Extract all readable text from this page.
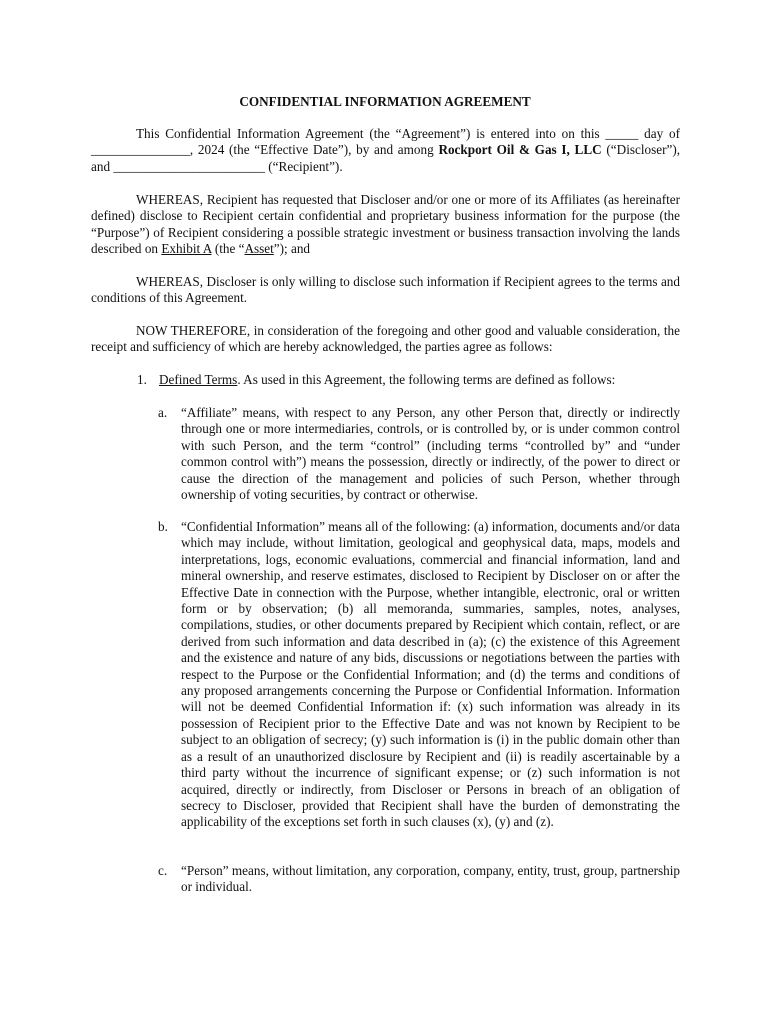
CONFIDENTIAL INFORMATION AGREEMENT

This Confidential Information Agreement (the “Agreement”) is entered into on this _____ day of _______________, 2024 (the “Effective Date”), by and among Rockport Oil & Gas I, LLC (“Discloser”), and _______________________ (“Recipient”).

WHEREAS, Recipient has requested that Discloser and/or one or more of its Affiliates (as hereinafter defined) disclose to Recipient certain confidential and proprietary business information for the purpose (the “Purpose”) of Recipient considering a possible strategic investment or business transaction involving the lands described on Exhibit A (the “Asset”); and

WHEREAS, Discloser is only willing to disclose such information if Recipient agrees to the terms and conditions of this Agreement.

NOW THEREFORE, in consideration of the foregoing and other good and valuable consideration, the receipt and sufficiency of which are hereby acknowledged, the parties agree as follows:

1. Defined Terms. As used in this Agreement, the following terms are defined as follows:

a. “Affiliate” means, with respect to any Person, any other Person that, directly or indirectly through one or more intermediaries, controls, or is controlled by, or is under common control with such Person, and the term “control” (including terms “controlled by” and “under common control with”) means the possession, directly or indirectly, of the power to direct or cause the direction of the management and policies of such Person, whether through ownership of voting securities, by contract or otherwise.
b. “Confidential Information” means all of the following: (a) information, documents and/or data which may include, without limitation, geological and geophysical data, maps, models and interpretations, logs, economic evaluations, commercial and financial information, land and mineral ownership, and reserve estimates, disclosed to Recipient by Discloser on or after the Effective Date in connection with the Purpose, whether intangible, electronic, oral or written form or by observation; (b) all memoranda, summaries, samples, notes, analyses, compilations, studies, or other documents prepared by Recipient which contain, reflect, or are derived from such information and data described in (a); (c) the existence of this Agreement and the existence and nature of any bids, discussions or negotiations between the parties with respect to the Purpose or the Confidential Information; and (d) the terms and conditions of any proposed arrangements concerning the Purpose or Confidential Information. Information will not be deemed Confidential Information if: (x) such information was already in its possession of Recipient prior to the Effective Date and was not known by Recipient to be subject to an obligation of secrecy; (y) such information is (i) in the public domain other than as a result of an unauthorized disclosure by Recipient and (ii) is readily ascertainable by a third party without the incurrence of significant expense; or (z) such information is not acquired, directly or indirectly, from Discloser or Persons in breach of an obligation of secrecy to Discloser, provided that Recipient shall have the burden of demonstrating the applicability of the exceptions set forth in such clauses (x), (y) and (z).
c. “Person” means, without limitation, any corporation, company, entity, trust, group, partnership or individual.
